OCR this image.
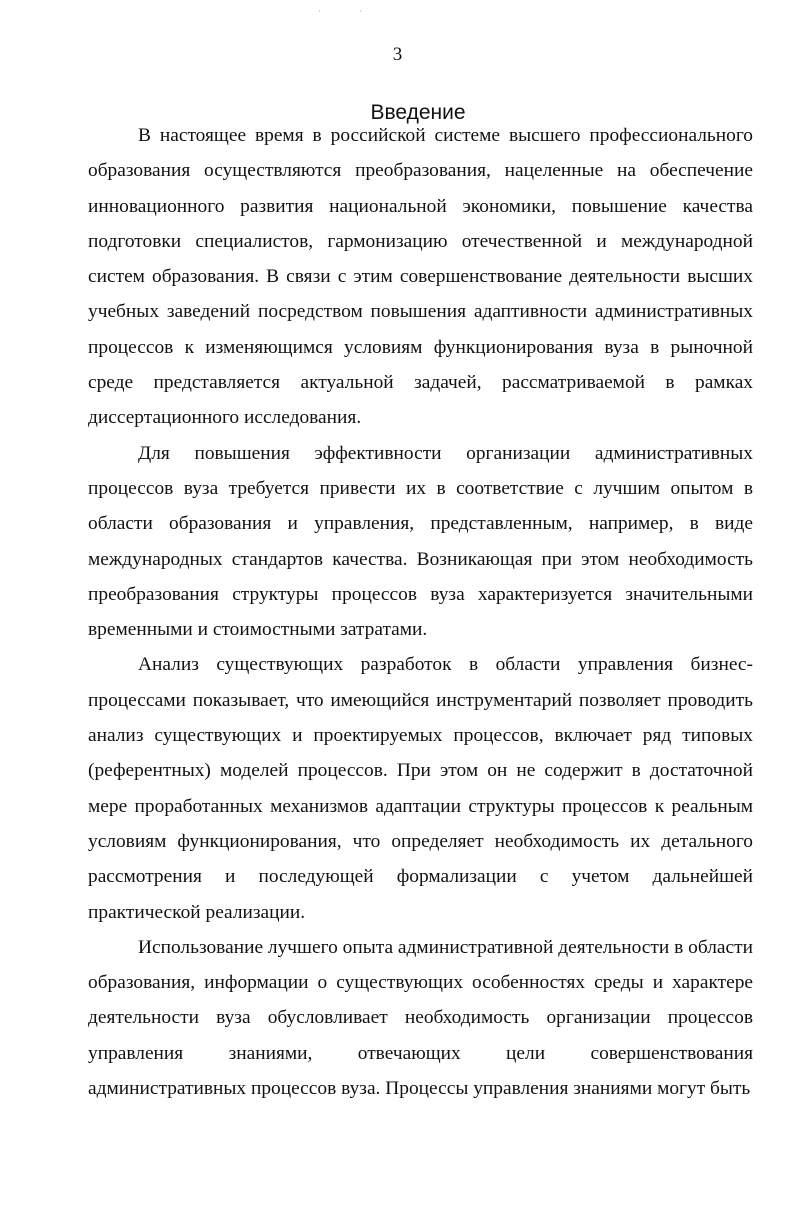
· ·
3
Введение

В настоящее время в российской системе высшего профессионального образования осуществляются преобразования, нацеленные на обеспечение инновационного развития национальной экономики, повышение качества подготовки специалистов, гармонизацию отечественной и международной систем образования. В связи с этим совершенствование деятельности высших учебных заведений посредством повышения адаптивности административных процессов к изменяющимся условиям функционирования вуза в рыночной среде представляется актуальной задачей, рассматриваемой в рамках диссертационного исследования.

Для повышения эффективности организации административных процессов вуза требуется привести их в соответствие с лучшим опытом в области образования и управления, представленным, например, в виде международных стандартов качества. Возникающая при этом необходимость преобразования структуры процессов вуза характеризуется значительными временными и стоимостными затратами.

Анализ существующих разработок в области управления бизнес-процессами показывает, что имеющийся инструментарий позволяет проводить анализ существующих и проектируемых процессов, включает ряд типовых (референтных) моделей процессов. При этом он не содержит в достаточной мере проработанных механизмов адаптации структуры процессов к реальным условиям функционирования, что определяет необходимость их детального рассмотрения и последующей формализации с учетом дальнейшей практической реализации.

Использование лучшего опыта административной деятельности в области образования, информации о существующих особенностях среды и характере деятельности вуза обусловливает необходимость организации процессов управления знаниями, отвечающих цели совершенствования административных процессов вуза. Процессы управления знаниями могут быть
